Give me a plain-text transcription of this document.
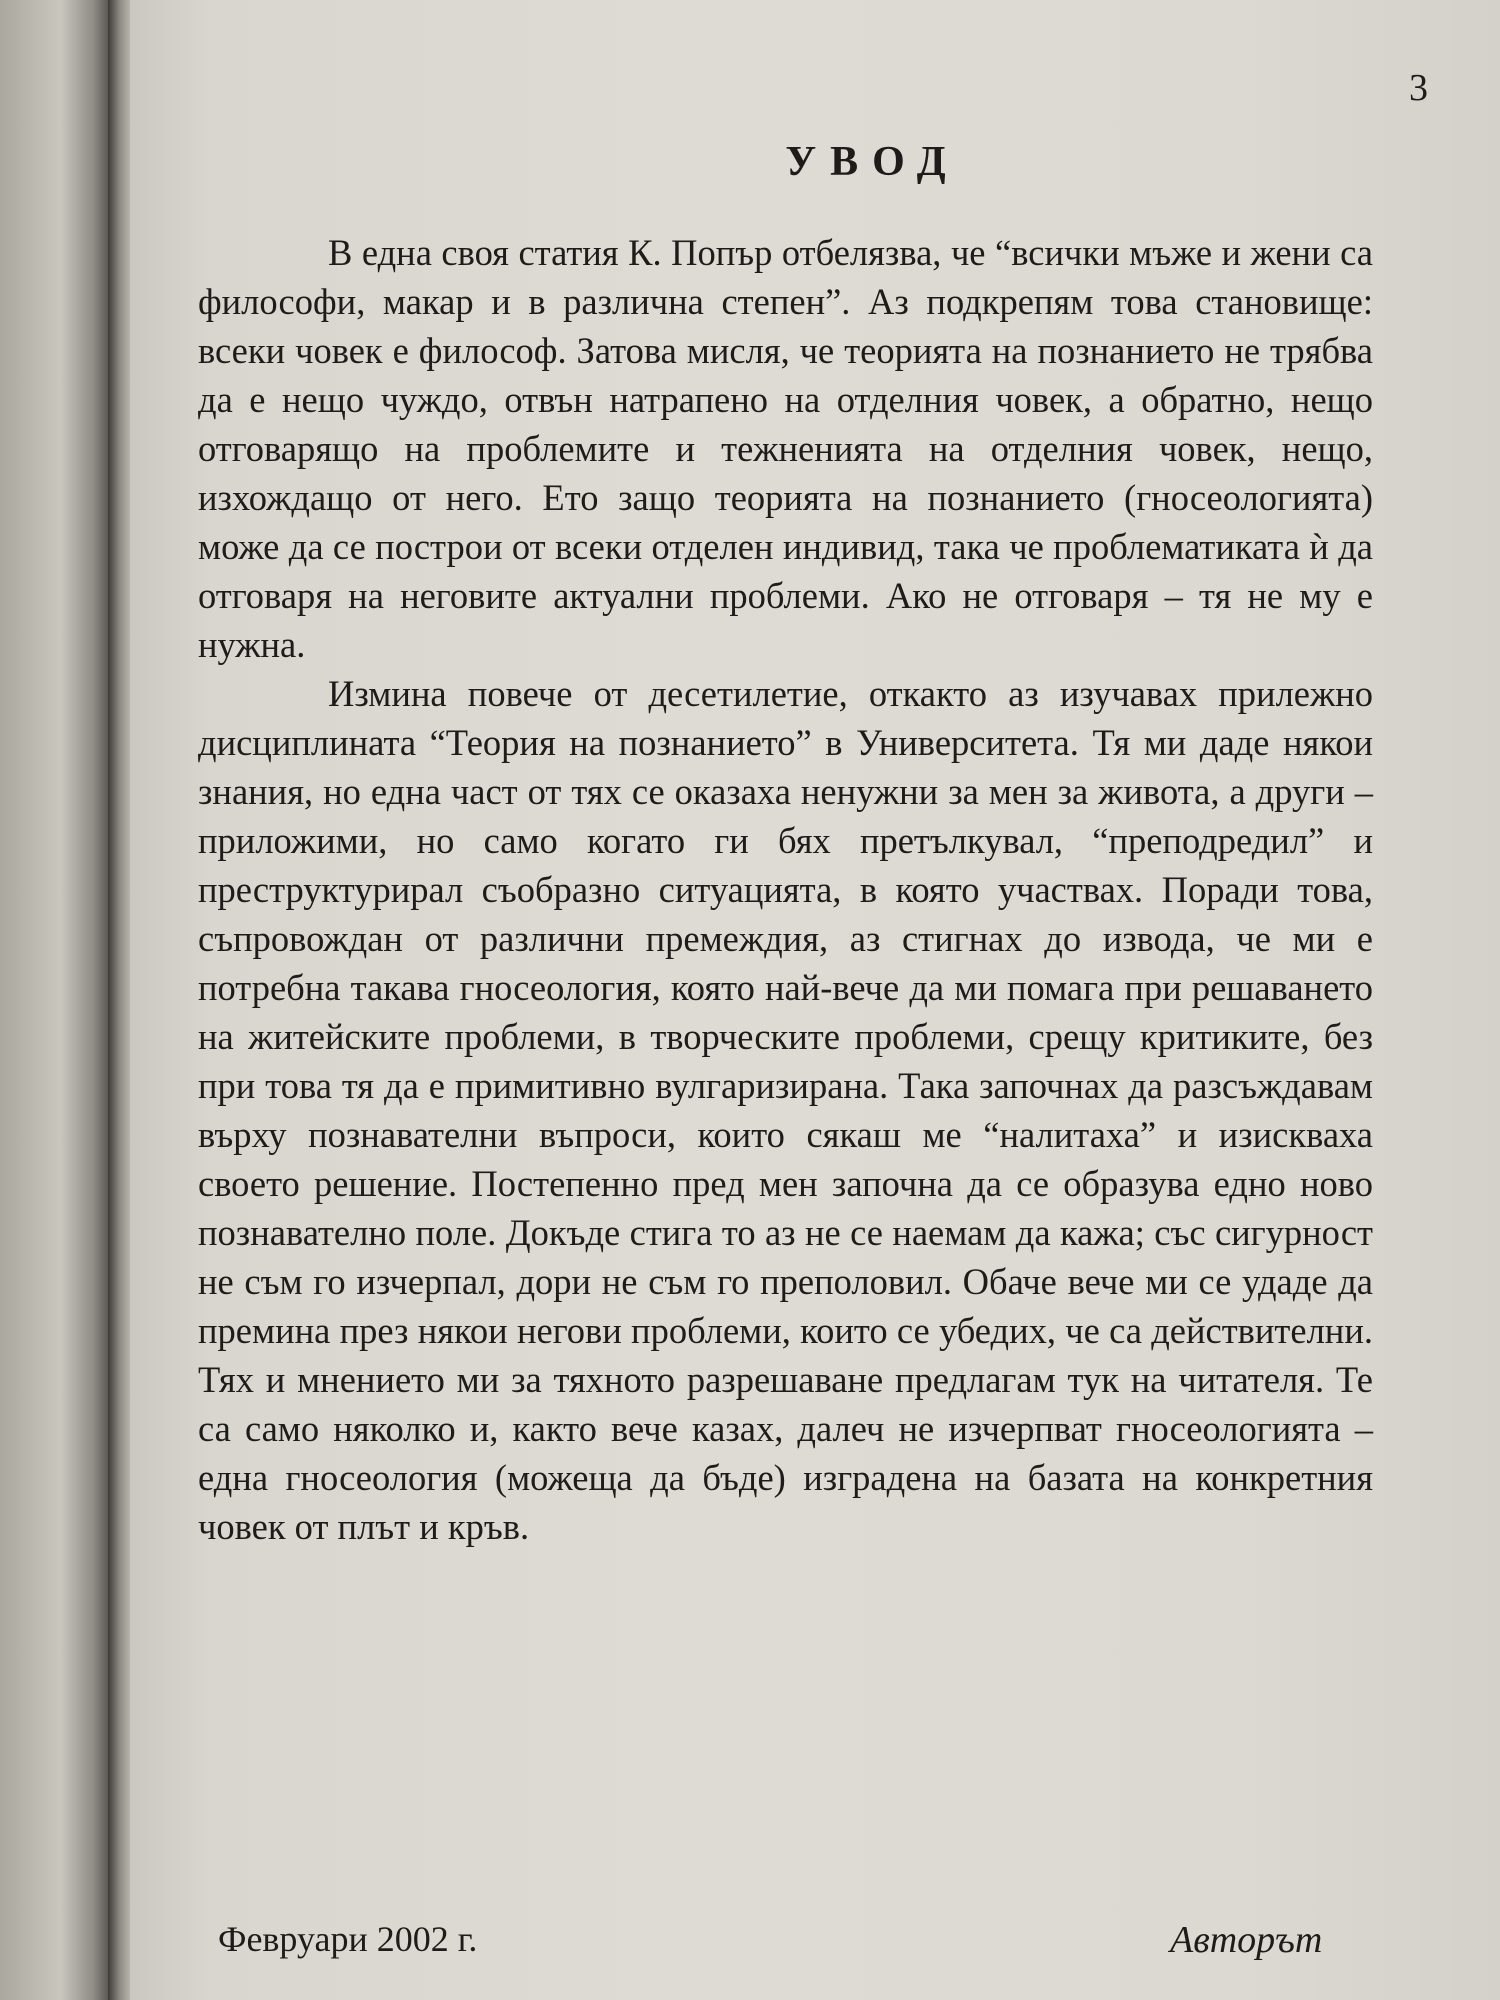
3

УВОД

В една своя статия К. Попър отбелязва, че “всички мъже и жени са философи, макар и в различна степен”. Аз подкрепям това становище: всеки човек е философ. Затова мисля, че теорията на познанието не трябва да е нещо чуждо, отвън натрапено на отделния човек, а обратно, нещо отговарящо на проблемите и тежненията на отделния човек, нещо, изхождащо от него. Ето защо теорията на познанието (гносеологията) може да се построи от всеки отделен индивид, така че проблематиката ѝ да отговаря на неговите актуални проблеми. Ако не отговаря – тя не му е нужна.

Измина повече от десетилетие, откакто аз изучавах прилежно дисциплината “Теория на познанието” в Университета. Тя ми даде някои знания, но една част от тях се оказаха ненужни за мен за живота, а други – приложими, но само когато ги бях претълкувал, “преподредил” и преструктурирал съобразно ситуацията, в която участвах. Поради това, съпровождан от различни премеждия, аз стигнах до извода, че ми е потребна такава гносеология, която най-вече да ми помага при решаването на житейските проблеми, в творческите проблеми, срещу критиките, без при това тя да е примитивно вулгаризирана. Така започнах да разсъждавам върху познавателни въпроси, които сякаш ме “налитаха” и изискваха своето решение. Постепенно пред мен започна да се образува едно ново познавателно поле. Докъде стига то аз не се наемам да кажа; със сигурност не съм го изчерпал, дори не съм го преполовил. Обаче вече ми се удаде да премина през някои негови проблеми, които се убедих, че са действителни. Тях и мнението ми за тяхното разрешаване предлагам тук на читателя. Те са само няколко и, както вече казах, далеч не изчерпват гносеологията – една гносеология (можеща да бъде) изградена на базата на конкретния човек от плът и кръв.

Февруари 2002 г.	Авторът
